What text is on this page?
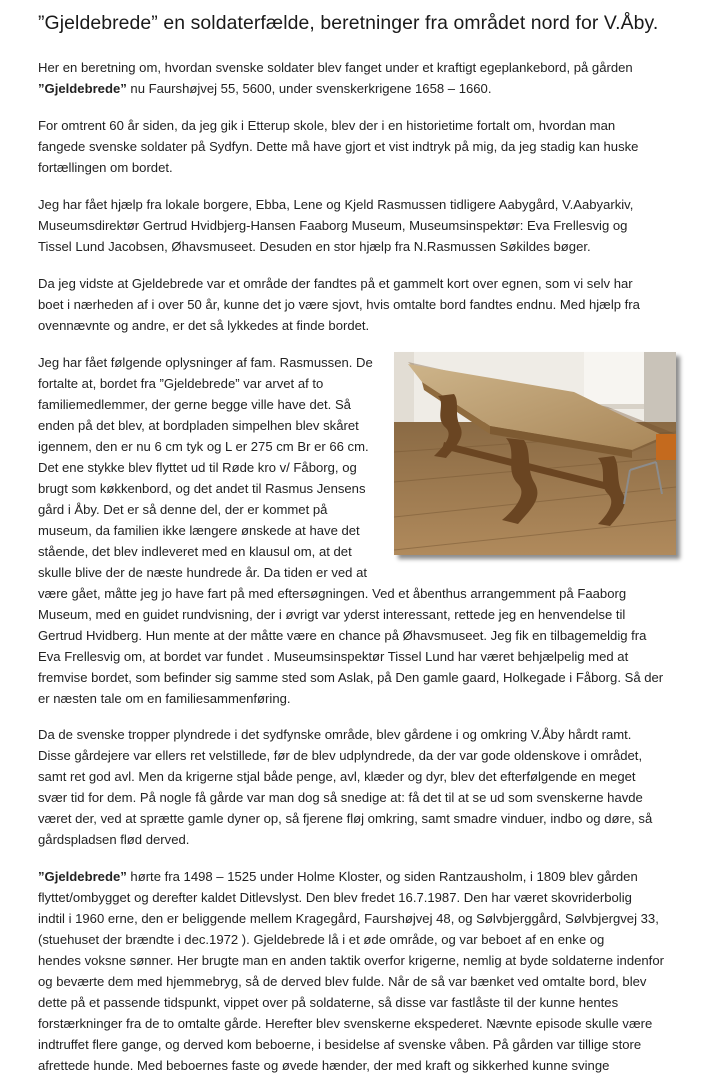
”Gjeldebrede” en soldaterfælde, beretninger fra området nord for V.Åby.

Her en beretning om, hvordan svenske soldater blev fanget under et kraftigt egeplankebord, på gården
”Gjeldebrede” nu Faurshøjvej 55, 5600, under svenskerkrigene 1658 – 1660.

For omtrent 60 år siden, da jeg gik i Etterup skole, blev der i en historietime fortalt om, hvordan man
fangede svenske soldater på Sydfyn. Dette må have gjort et vist indtryk på mig, da jeg stadig kan huske
fortællingen om bordet.

Jeg har fået hjælp fra lokale borgere, Ebba, Lene og Kjeld Rasmussen tidligere Aabygård, V.Aabyarkiv,
Museumsdirektør Gertrud Hvidbjerg-Hansen Faaborg Museum, Museumsinspektør: Eva Frellesvig og
Tissel Lund Jacobsen, Øhavsmuseet. Desuden en stor hjælp fra N.Rasmussen Søkildes bøger.

Da jeg vidste at Gjeldebrede var et område der fandtes på et gammelt kort over egnen, som vi selv har
boet i nærheden af i over 50 år, kunne det jo være sjovt, hvis omtalte bord fandtes endnu. Med hjælp fra
ovennævnte og andre, er det så lykkedes at finde bordet.

Jeg har fået følgende oplysninger af fam. Rasmussen. De
fortalte at, bordet fra ”Gjeldebrede” var arvet af to
familiemedlemmer, der gerne begge ville have det. Så
enden på det blev, at bordpladen simpelhen blev skåret
igennem, den er nu 6 cm tyk og L er 275 cm Br er 66 cm.
Det ene stykke blev flyttet ud til Røde kro v/ Fåborg, og
brugt som køkkenbord, og det andet til Rasmus Jensens
gård i Åby. Det er så denne del, der er kommet på
museum, da familien ikke længere ønskede at have det
stående, det blev indleveret med en klausul om, at det
skulle blive der de næste hundrede år. Da tiden er ved at
være gået, måtte jeg jo have fart på med eftersøgningen. Ved et åbenthus arrangemment på Faaborg
Museum, med en guidet rundvisning, der i øvrigt var yderst interessant, rettede jeg en henvendelse til
Gertrud Hvidberg. Hun mente at der måtte være en chance på Øhavsmuseet. Jeg fik en tilbagemeldig fra
Eva Frellesvig om, at bordet var fundet . Museumsinspektør Tissel Lund har været behjælpelig med at
fremvise bordet, som befinder sig samme sted som Aslak, på Den gamle gaard, Holkegade i Fåborg. Så der
er næsten tale om en familiesammenføring.

Da de svenske tropper plyndrede i det sydfynske område, blev gårdene i og omkring V.Åby hårdt ramt.
Disse gårdejere var ellers ret velstillede, før de blev udplyndrede, da der var gode oldenskove i området,
samt ret god avl. Men da krigerne stjal både penge, avl, klæder og dyr, blev det efterfølgende en meget
svær tid for dem. På nogle få gårde var man dog så snedige at: få det til at se ud som svenskerne havde
været der, ved at sprætte gamle dyner op, så fjerene fløj omkring, samt smadre vinduer, indbo og døre, så
gårdspladsen flød derved.

”Gjeldebrede” hørte fra 1498 – 1525 under Holme Kloster, og siden Rantzausholm, i 1809 blev gården
flyttet/ombygget og derefter kaldet Ditlevslyst. Den blev fredet 16.7.1987. Den har været skovriderbolig
indtil i 1960 erne, den er beliggende mellem Kragegård, Faurshøjvej 48, og Sølvbjerggård, Sølvbjergvej 33,
(stuehuset der brændte i dec.1972 ). Gjeldebrede lå i et øde område, og var beboet af en enke og
hendes voksne sønner. Her brugte man en anden taktik overfor krigerne, nemlig at byde soldaterne indenfor
og beværte dem med hjemmebryg, så de derved blev fulde. Når de så var bænket ved omtalte bord, blev
dette på et passende tidspunkt, vippet over på soldaterne, så disse var fastlåste til der kunne hentes
forstærkninger fra de to omtalte gårde. Herefter blev svenskerne ekspederet. Nævnte episode skulle være
indtruffet flere gange, og derved kom beboerne, i besidelse af svenske våben. På gården var tillige store
afrettede hunde. Med beboernes faste og øvede hænder, der med kraft og sikkerhed kunne svinge
